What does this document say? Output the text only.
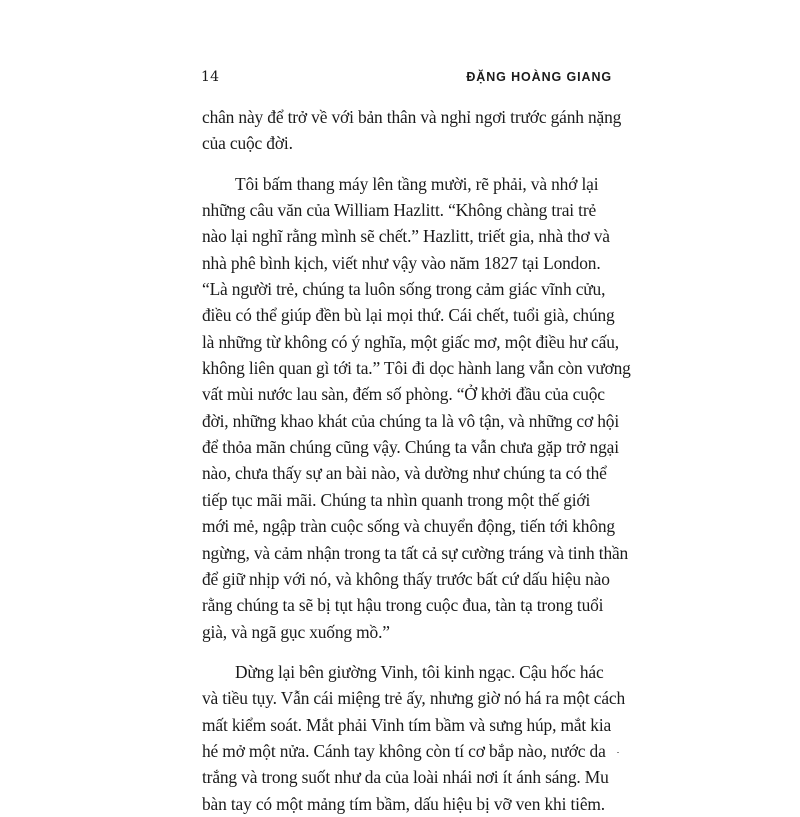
14	ĐẶNG HOÀNG GIANG
chân này để trở về với bản thân và nghỉ ngơi trước gánh nặng
của cuộc đời.
Tôi bấm thang máy lên tầng mười, rẽ phải, và nhớ lại
những câu văn của William Hazlitt. “Không chàng trai trẻ
nào lại nghĩ rằng mình sẽ chết.” Hazlitt, triết gia, nhà thơ và
nhà phê bình kịch, viết như vậy vào năm 1827 tại London.
“Là người trẻ, chúng ta luôn sống trong cảm giác vĩnh cửu,
điều có thể giúp đền bù lại mọi thứ. Cái chết, tuổi già, chúng
là những từ không có ý nghĩa, một giấc mơ, một điều hư cấu,
không liên quan gì tới ta.” Tôi đi dọc hành lang vẫn còn vương
vất mùi nước lau sàn, đếm số phòng. “Ở khởi đầu của cuộc
đời, những khao khát của chúng ta là vô tận, và những cơ hội
để thỏa mãn chúng cũng vậy. Chúng ta vẫn chưa gặp trở ngại
nào, chưa thấy sự an bài nào, và dường như chúng ta có thể
tiếp tục mãi mãi. Chúng ta nhìn quanh trong một thế giới
mới mẻ, ngập tràn cuộc sống và chuyển động, tiến tới không
ngừng, và cảm nhận trong ta tất cả sự cường tráng và tinh thần
để giữ nhịp với nó, và không thấy trước bất cứ dấu hiệu nào
rằng chúng ta sẽ bị tụt hậu trong cuộc đua, tàn tạ trong tuổi
già, và ngã gục xuống mồ.”
Dừng lại bên giường Vinh, tôi kinh ngạc. Cậu hốc hác
và tiều tụy. Vẫn cái miệng trẻ ấy, nhưng giờ nó há ra một cách
mất kiểm soát. Mắt phải Vinh tím bầm và sưng húp, mắt kia
hé mở một nửa. Cánh tay không còn tí cơ bắp nào, nước da
trắng và trong suốt như da của loài nhái nơi ít ánh sáng. Mu
bàn tay có một mảng tím bầm, dấu hiệu bị vỡ ven khi tiêm.
